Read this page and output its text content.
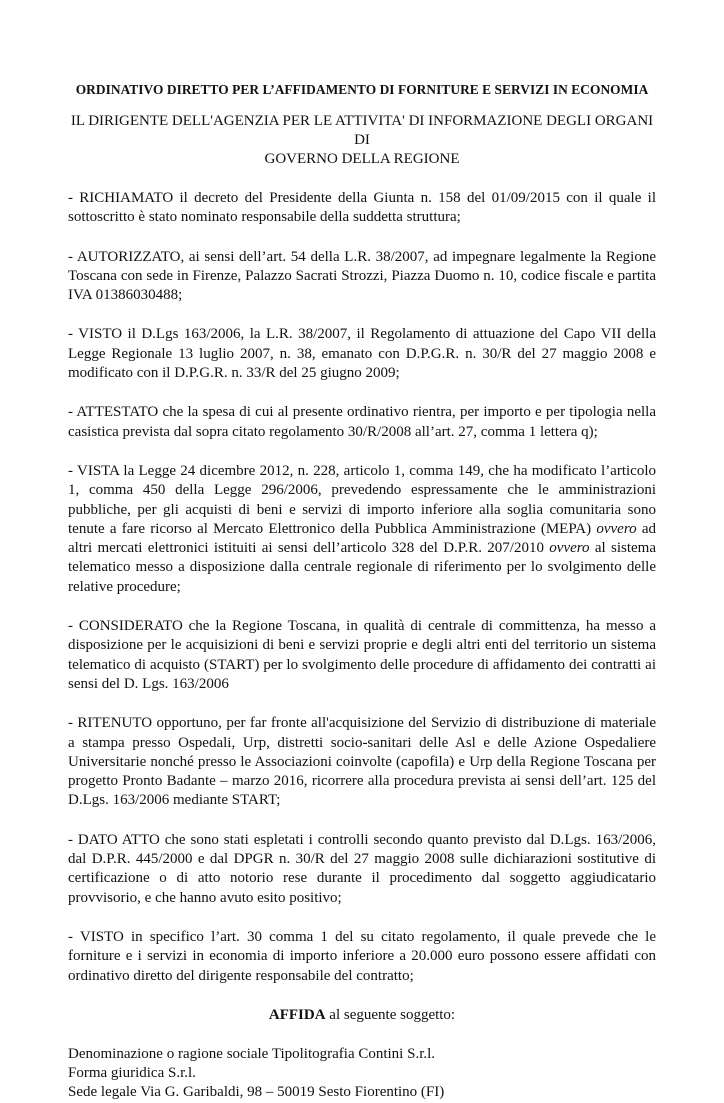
ORDINATIVO DIRETTO PER L’AFFIDAMENTO DI FORNITURE E SERVIZI IN ECONOMIA

IL DIRIGENTE DELL'AGENZIA PER LE ATTIVITA' DI INFORMAZIONE DEGLI ORGANI DI
GOVERNO DELLA REGIONE

- RICHIAMATO il decreto del Presidente della Giunta n. 158 del 01/09/2015 con il quale il sottoscritto è stato nominato responsabile della suddetta struttura;

- AUTORIZZATO, ai sensi dell’art. 54 della L.R. 38/2007, ad impegnare legalmente la Regione Toscana con sede in Firenze, Palazzo Sacrati Strozzi, Piazza Duomo n. 10, codice fiscale e partita IVA 01386030488;

- VISTO il D.Lgs 163/2006, la L.R. 38/2007, il Regolamento di attuazione del Capo VII della Legge Regionale 13 luglio 2007, n. 38, emanato con D.P.G.R. n. 30/R del 27 maggio 2008 e modificato con il D.P.G.R. n. 33/R del 25 giugno 2009;

- ATTESTATO che la spesa di cui al presente ordinativo rientra, per importo e per tipologia nella casistica prevista dal sopra citato regolamento 30/R/2008 all’art. 27, comma 1 lettera q);

- VISTA la Legge 24 dicembre 2012, n. 228, articolo 1, comma 149, che ha modificato l’articolo 1, comma 450 della Legge 296/2006, prevedendo espressamente che le amministrazioni pubbliche, per gli acquisti di beni e servizi di importo inferiore alla soglia comunitaria sono tenute a fare ricorso al Mercato Elettronico della Pubblica Amministrazione (MEPA) ovvero ad altri mercati elettronici istituiti ai sensi dell’articolo 328 del D.P.R. 207/2010 ovvero al sistema telematico messo a disposizione dalla centrale regionale di riferimento per lo svolgimento delle relative procedure;

- CONSIDERATO che la Regione Toscana, in qualità di centrale di committenza, ha messo a disposizione per le acquisizioni di beni e servizi proprie e degli altri enti del territorio un sistema telematico di acquisto (START) per lo svolgimento delle procedure di affidamento dei contratti ai sensi del D. Lgs. 163/2006

- RITENUTO opportuno, per far fronte all'acquisizione del Servizio di distribuzione di materiale a stampa presso Ospedali, Urp, distretti socio-sanitari delle Asl e delle Azione Ospedaliere Universitarie nonché presso le Associazioni coinvolte (capofila) e Urp della Regione Toscana per progetto Pronto Badante – marzo 2016, ricorrere alla procedura prevista ai sensi dell’art. 125 del D.Lgs. 163/2006 mediante START;

- DATO ATTO che sono stati espletati i controlli secondo quanto previsto dal D.Lgs. 163/2006, dal D.P.R. 445/2000 e dal DPGR n. 30/R del 27 maggio 2008 sulle dichiarazioni sostitutive di certificazione o di atto notorio rese durante il procedimento dal soggetto aggiudicatario provvisorio, e che hanno avuto esito positivo;

- VISTO in specifico l’art. 30 comma 1 del su citato regolamento, il quale prevede che le forniture e i servizi in economia di importo inferiore a 20.000 euro possono essere affidati con ordinativo diretto del dirigente responsabile del contratto;

AFFIDA al seguente soggetto:

Denominazione o ragione sociale Tipolitografia Contini S.r.l.
Forma giuridica S.r.l.
Sede legale Via G. Garibaldi, 98 – 50019 Sesto Fiorentino (FI)
